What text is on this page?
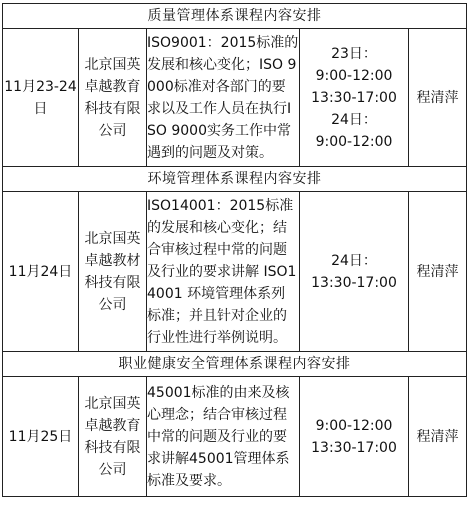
质量管理体系课程内容安排				
11月23-24日	北京国英卓越教育科技有限公司	ISO9001：2015标准的发展和核心变化；ISO 9000标准对各部门的要求以及工作人员在执行ISO 9000实务工作中常遇到的问题及对策。	23日：
9:00-12:00
13:30-17:00
24日：
9:00-12:00	程清萍
环境管理体系课程内容安排				
11月24日	北京国英卓越教材科技有限公司	ISO14001：2015标准的发展和核心变化；结合审核过程中常的问题及行业的要求讲解 ISO14001 环境管理体系列标准；并且针对企业的行业性进行举例说明。	24日：
13:30-17:00	程清萍
职业健康安全管理体系课程内容安排				
11月25日	北京国英卓越教育科技有限公司	45001标准的由来及核心理念；结合审核过程中常的问题及行业的要求讲解45001管理体系标准及要求。	9:00-12:00
13:30-17:00	程清萍
